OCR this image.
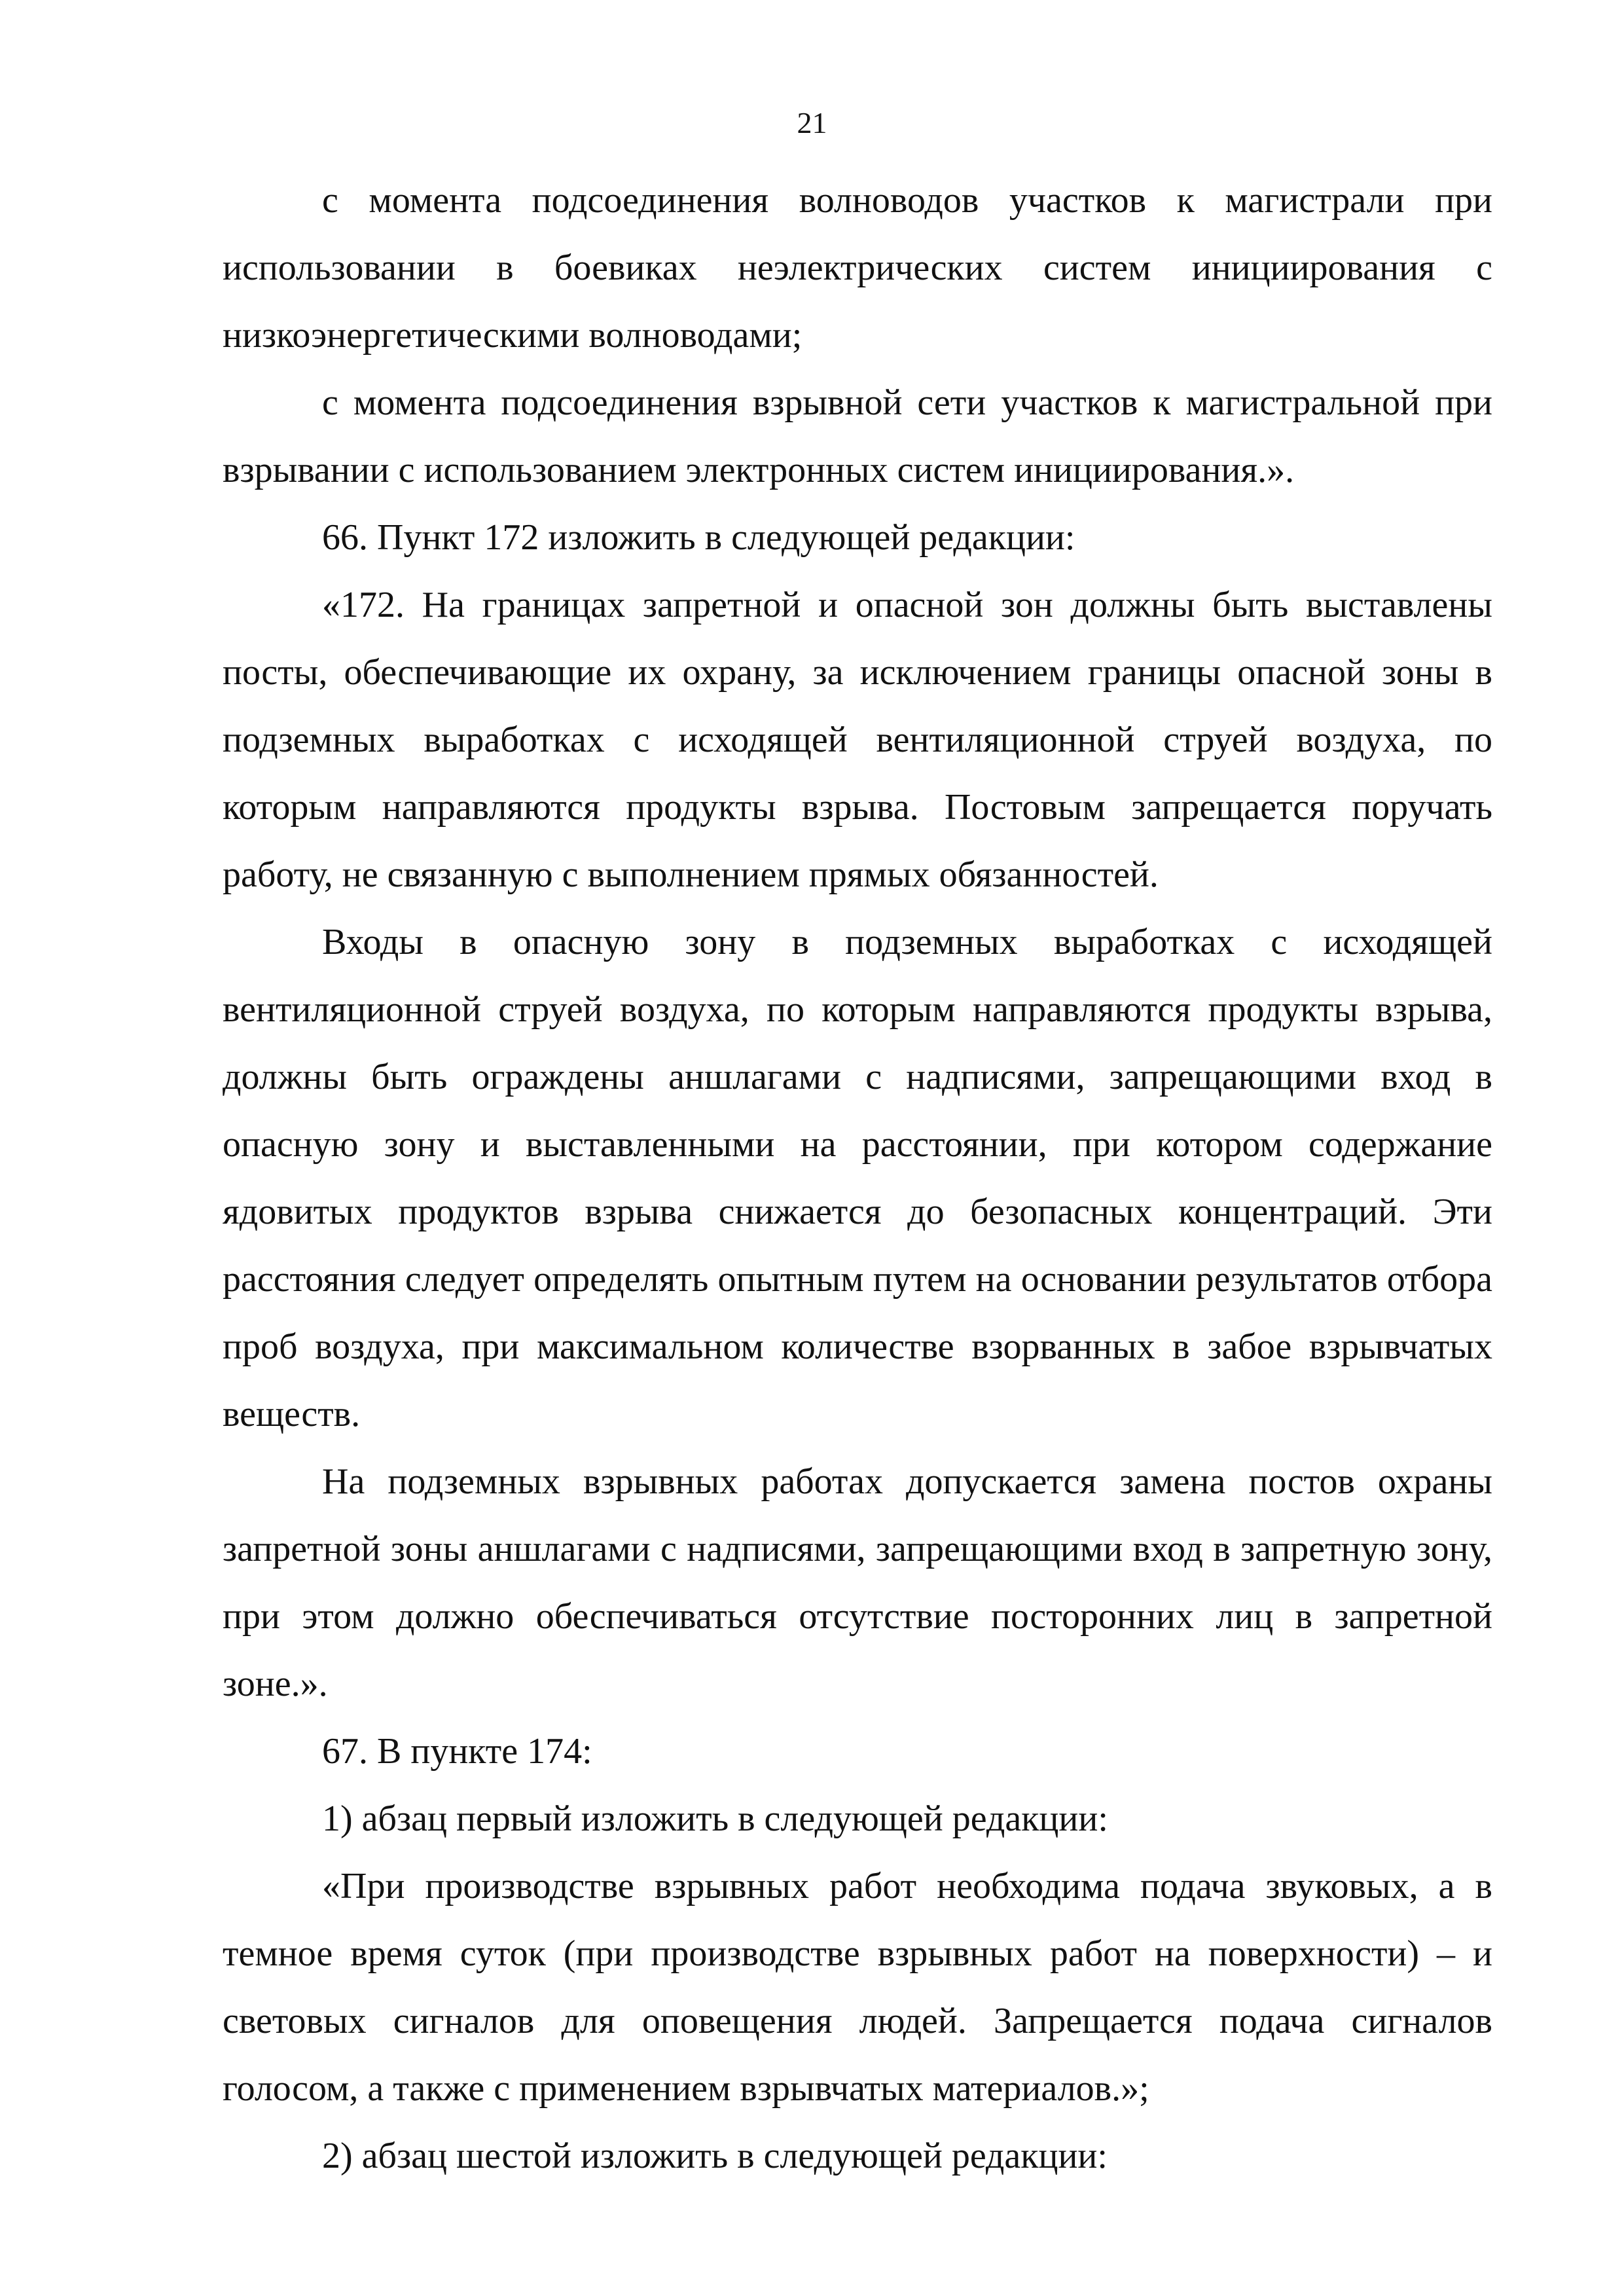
21

с момента подсоединения волноводов участков к магистрали при использовании в боевиках неэлектрических систем инициирования с низкоэнергетическими волноводами;

с момента подсоединения взрывной сети участков к магистральной при взрывании с использованием электронных систем инициирования.».

66. Пункт 172 изложить в следующей редакции:

«172. На границах запретной и опасной зон должны быть выставлены посты, обеспечивающие их охрану, за исключением границы опасной зоны в подземных выработках с исходящей вентиляционной струей воздуха, по которым направляются продукты взрыва. Постовым запрещается поручать работу, не связанную с выполнением прямых обязанностей.

Входы в опасную зону в подземных выработках с исходящей вентиляционной струей воздуха, по которым направляются продукты взрыва, должны быть ограждены аншлагами с надписями, запрещающими вход в опасную зону и выставленными на расстоянии, при котором содержание ядовитых продуктов взрыва снижается до безопасных концентраций. Эти расстояния следует определять опытным путем на основании результатов отбора проб воздуха, при максимальном количестве взорванных в забое взрывчатых веществ.

На подземных взрывных работах допускается замена постов охраны запретной зоны аншлагами с надписями, запрещающими вход в запретную зону, при этом должно обеспечиваться отсутствие посторонних лиц в запретной зоне.».

67. В пункте 174:

1) абзац первый изложить в следующей редакции:

«При производстве взрывных работ необходима подача звуковых, а в темное время суток (при производстве взрывных работ на поверхности) – и световых сигналов для оповещения людей. Запрещается подача сигналов голосом, а также с применением взрывчатых материалов.»;

2) абзац шестой изложить в следующей редакции:
